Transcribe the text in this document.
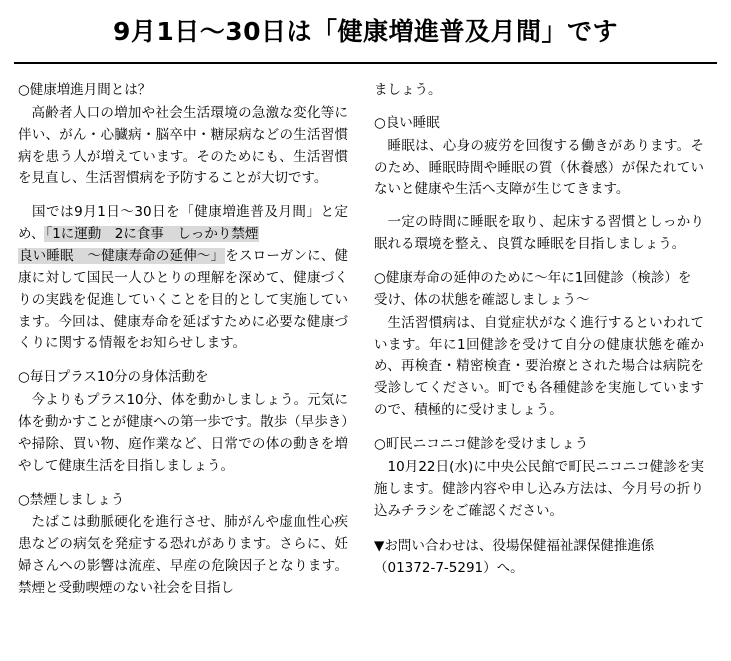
9月1日〜30日は「健康増進普及月間」です
○健康増進月間とは？

高齢者人口の増加や社会生活環境の急激な変化等に伴い、がん・心臓病・脳卒中・糖尿病などの生活習慣病を患う人が増えています。そのためにも、生活習慣を見直し、生活習慣病を予防することが大切です。

　国では9月1日〜30日を「健康増進普及月間」と定め、「1に運動　2に食事　しっかり禁煙
良い睡眠　〜健康寿命の延伸〜」をスローガンに、健康に対して国民一人ひとりの理解を深めて、健康づくりの実践を促進していくことを目的として実施しています。今回は、健康寿命を延ばすために必要な健康づくりに関する情報をお知らせします。

○毎日プラス10分の身体活動を

今よりもプラス10分、体を動かしましょう。元気に体を動かすことが健康への第一歩です。散歩（早歩き）や掃除、買い物、庭作業など、日常での体の動きを増やして健康生活を目指しましょう。

○禁煙しましょう

たばこは動脈硬化を進行させ、肺がんや虚血性心疾患などの病気を発症する恐れがあります。さらに、妊婦さんへの影響は流産、早産の危険因子となります。禁煙と受動喫煙のない社会を目指し

ましょう。

○良い睡眠

睡眠は、心身の疲労を回復する働きがあります。そのため、睡眠時間や睡眠の質（休養感）が保たれていないと健康や生活へ支障が生じてきます。

一定の時間に睡眠を取り、起床する習慣としっかり眠れる環境を整え、良質な睡眠を目指しましょう。

○健康寿命の延伸のために〜年に1回健診（検診）を受け、体の状態を確認しましょう〜

生活習慣病は、自覚症状がなく進行するといわれています。年に1回健診を受けて自分の健康状態を確かめ、再検査・精密検査・要治療とされた場合は病院を受診してください。町でも各種健診を実施していますので、積極的に受けましょう。

○町民ニコニコ健診を受けましょう

10月22日(水)に中央公民館で町民ニコニコ健診を実施します。健診内容や申し込み方法は、今月号の折り込みチラシをご確認ください。

▼お問い合わせは、役場保健福祉課保健推進係
（01372-7-5291）へ。
